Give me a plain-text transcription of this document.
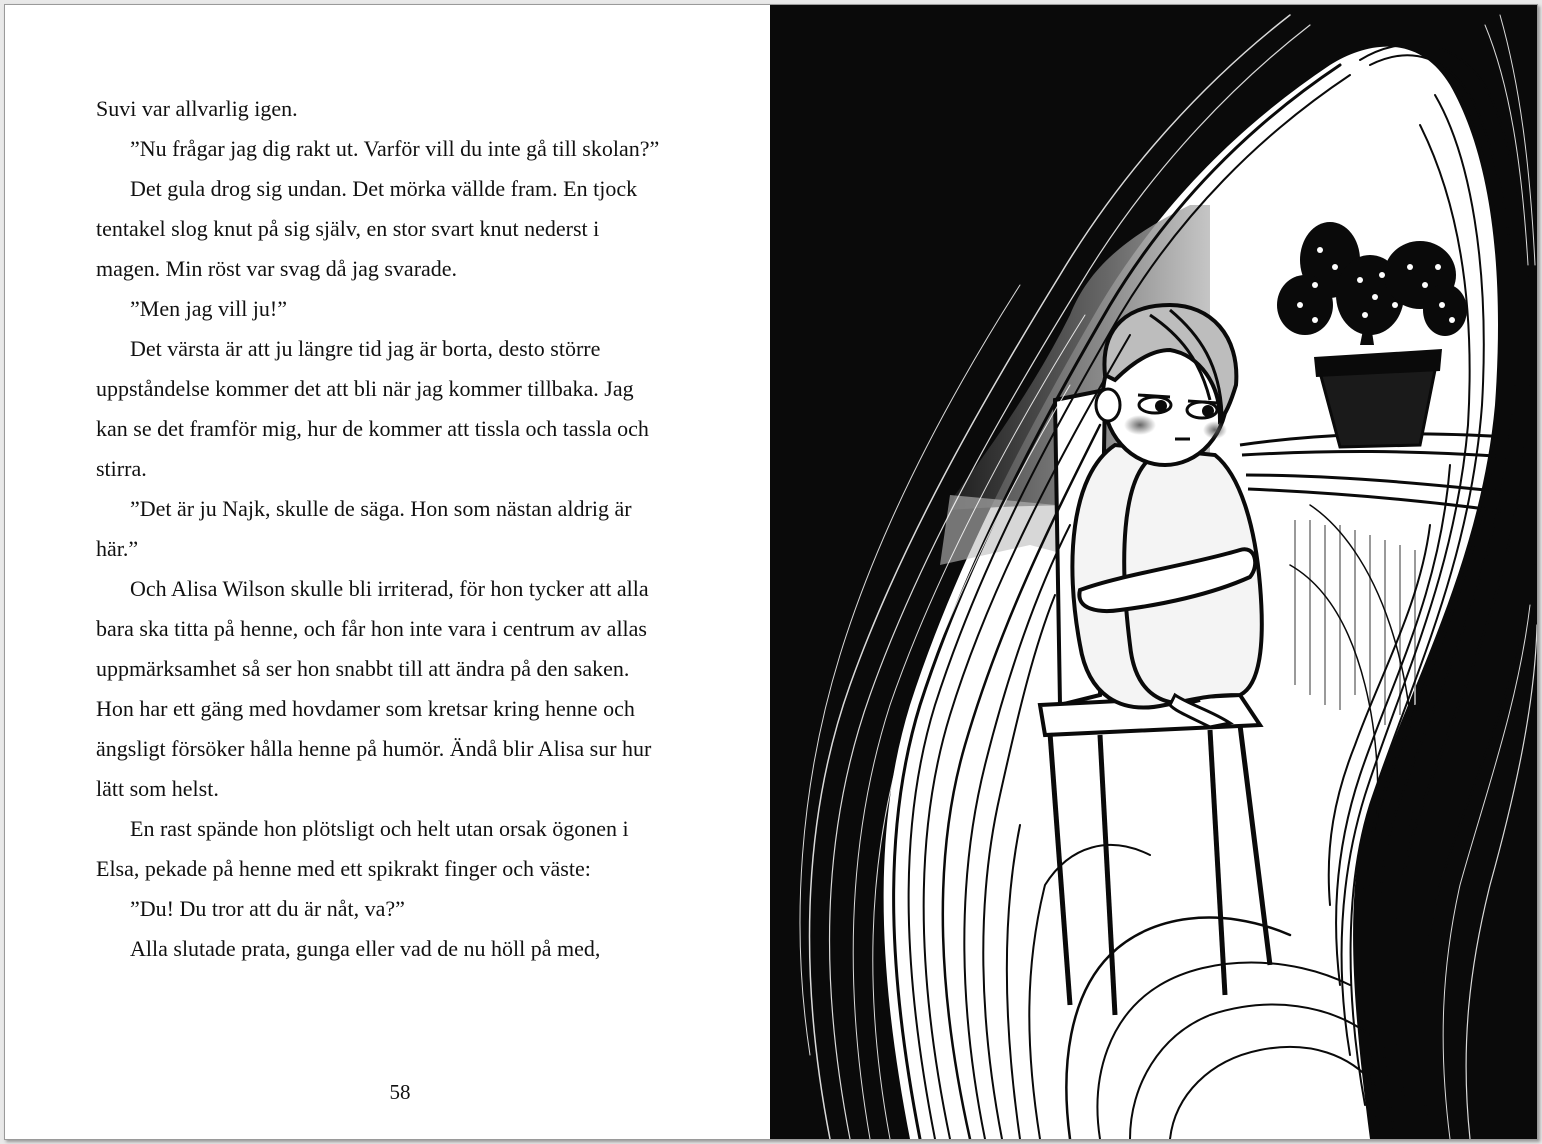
Suvi var allvarlig igen.

”Nu frågar jag dig rakt ut. Varför vill du inte gå till skolan?”

Det gula drog sig undan. Det mörka vällde fram. En tjock tentakel slog knut på sig själv, en stor svart knut nederst i magen. Min röst var svag då jag svarade.

”Men jag vill ju!”

Det värsta är att ju längre tid jag är borta, desto större uppståndelse kommer det att bli när jag kommer tillbaka. Jag kan se det framför mig, hur de kommer att tissla och tassla och stirra.

”Det är ju Najk, skulle de säga. Hon som nästan aldrig är här.”

Och Alisa Wilson skulle bli irriterad, för hon tycker att alla bara ska titta på henne, och får hon inte vara i centrum av allas uppmärksamhet så ser hon snabbt till att ändra på den saken. Hon har ett gäng med hovdamer som kretsar kring henne och ängsligt försöker hålla henne på humör. Ändå blir Alisa sur hur lätt som helst.

En rast spände hon plötsligt och helt utan orsak ögonen i Elsa, pekade på henne med ett spikrakt finger och väste:

”Du! Du tror att du är nåt, va?”

Alla slutade prata, gunga eller vad de nu höll på med,

58
